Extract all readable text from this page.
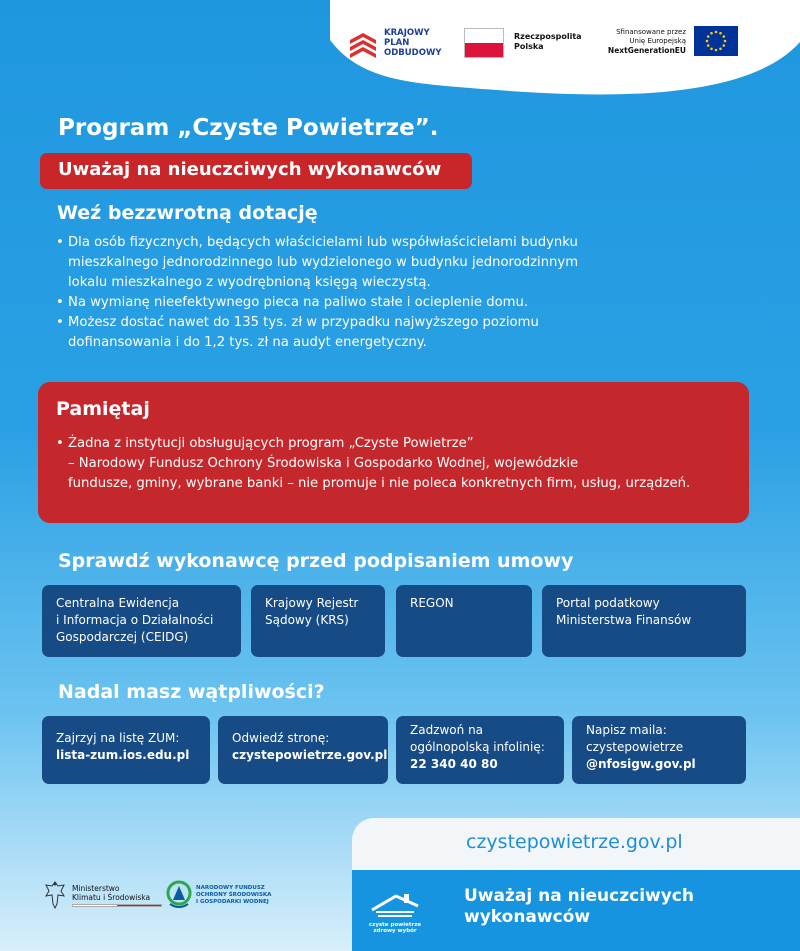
KRAJOWY
PLAN
ODBUDOWY
Rzeczpospolita
Polska
Sfinansowane przez
Unię Europejską
NextGenerationEU
Program „Czyste Powietrze”.
Uważaj na nieuczciwych wykonawców
Weź bezzwrotną dotację
• Dla osób fizycznych, będących właścicielami lub współwłaścicielami budynku
mieszkalnego jednorodzinnego lub wydzielonego w budynku jednorodzinnym
lokalu mieszkalnego z wyodrębnioną księgą wieczystą.
• Na wymianę nieefektywnego pieca na paliwo stałe i ocieplenie domu.
• Możesz dostać nawet do 135 tys. zł w przypadku najwyższego poziomu
dofinansowania i do 1,2 tys. zł na audyt energetyczny.
Pamiętaj
• Żadna z instytucji obsługujących program „Czyste Powietrze”
– Narodowy Fundusz Ochrony Środowiska i Gospodarko Wodnej, wojewódzkie
fundusze, gminy, wybrane banki – nie promuje i nie poleca konkretnych firm, usług, urządzeń.
Sprawdź wykonawcę przed podpisaniem umowy
Centralna Ewidencja
i Informacja o Działalności
Gospodarczej (CEIDG)
Krajowy Rejestr
Sądowy (KRS)
REGON	Portal podatkowy
Ministerstwa Finansów
Nadal masz wątpliwości?
Zajrzyj na listę ZUM:
lista-zum.ios.edu.pl
Odwiedź stronę:
czystepowietrze.gov.pl
Zadzwoń na
ogólnopolską infolinię:
22 340 40 80
Napisz maila:
czystepowietrze
@nfosigw.gov.pl
Ministerstwo
Klimatu i Środowiska
NARODOWY FUNDUSZ
OCHRONY ŚRODOWISKA
I GOSPODARKI WODNEJ
czystepowietrze.gov.pl
czyste powietrze
zdrowy wybór
Uważaj na nieuczciwych
wykonawców
